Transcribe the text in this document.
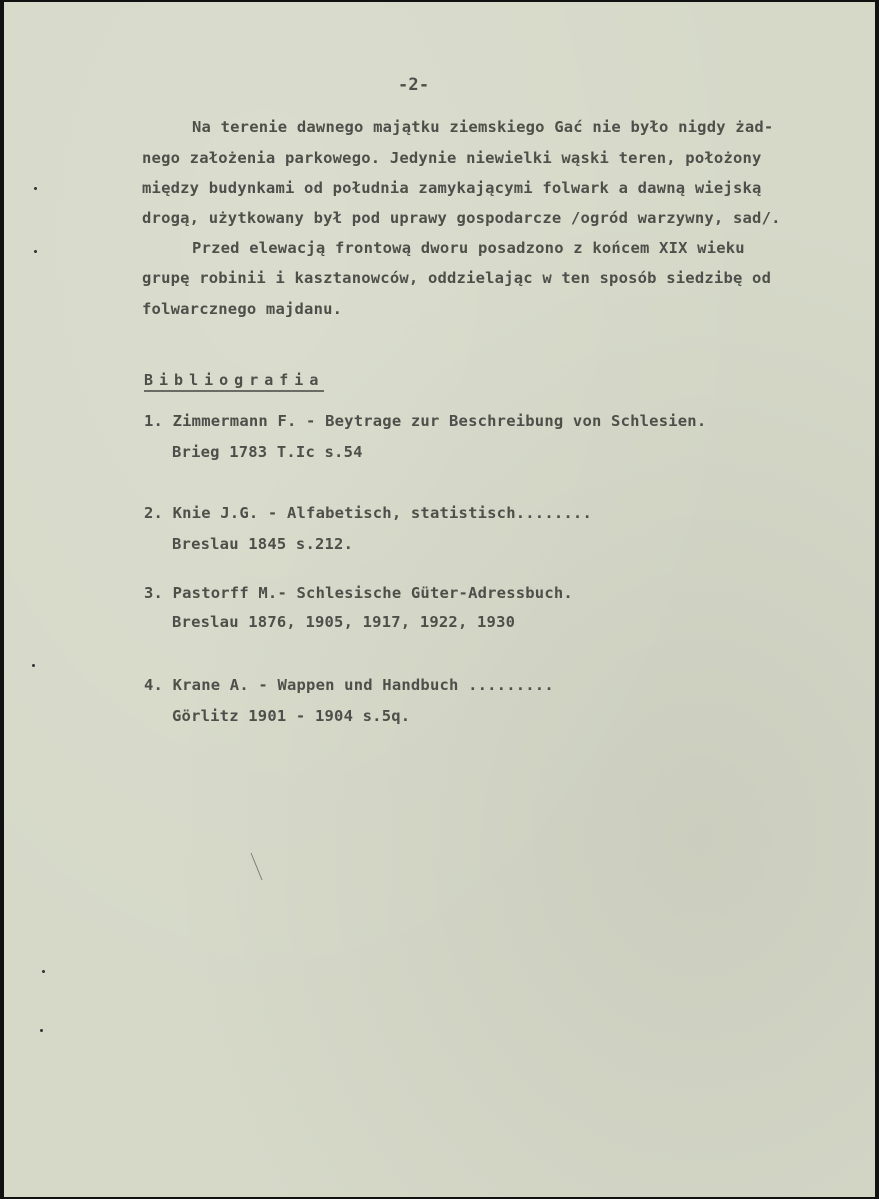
-2-
Na terenie dawnego majątku ziemskiego Gać nie było nigdy żad-
nego założenia parkowego. Jedynie niewielki wąski teren, położony
między budynkami od południa zamykającymi folwark a dawną wiejską
drogą, użytkowany był pod uprawy gospodarcze /ogród warzywny, sad/.
Przed elewacją frontową dworu posadzono z końcem XIX wieku
grupę robinii i kasztanowców, oddzielając w ten sposób siedzibę od
folwarcznego majdanu.
Bibliografia
1. Zimmermann F. - Beytrage zur Beschreibung von Schlesien.
Brieg 1783 T.Ic s.54
2. Knie J.G. - Alfabetisch, statistisch........
Breslau 1845 s.212.
3. Pastorff M.- Schlesische Güter-Adressbuch.
Breslau 1876, 1905, 1917, 1922, 1930
4. Krane A. - Wappen und Handbuch .........
Görlitz 1901 - 1904 s.5q.
